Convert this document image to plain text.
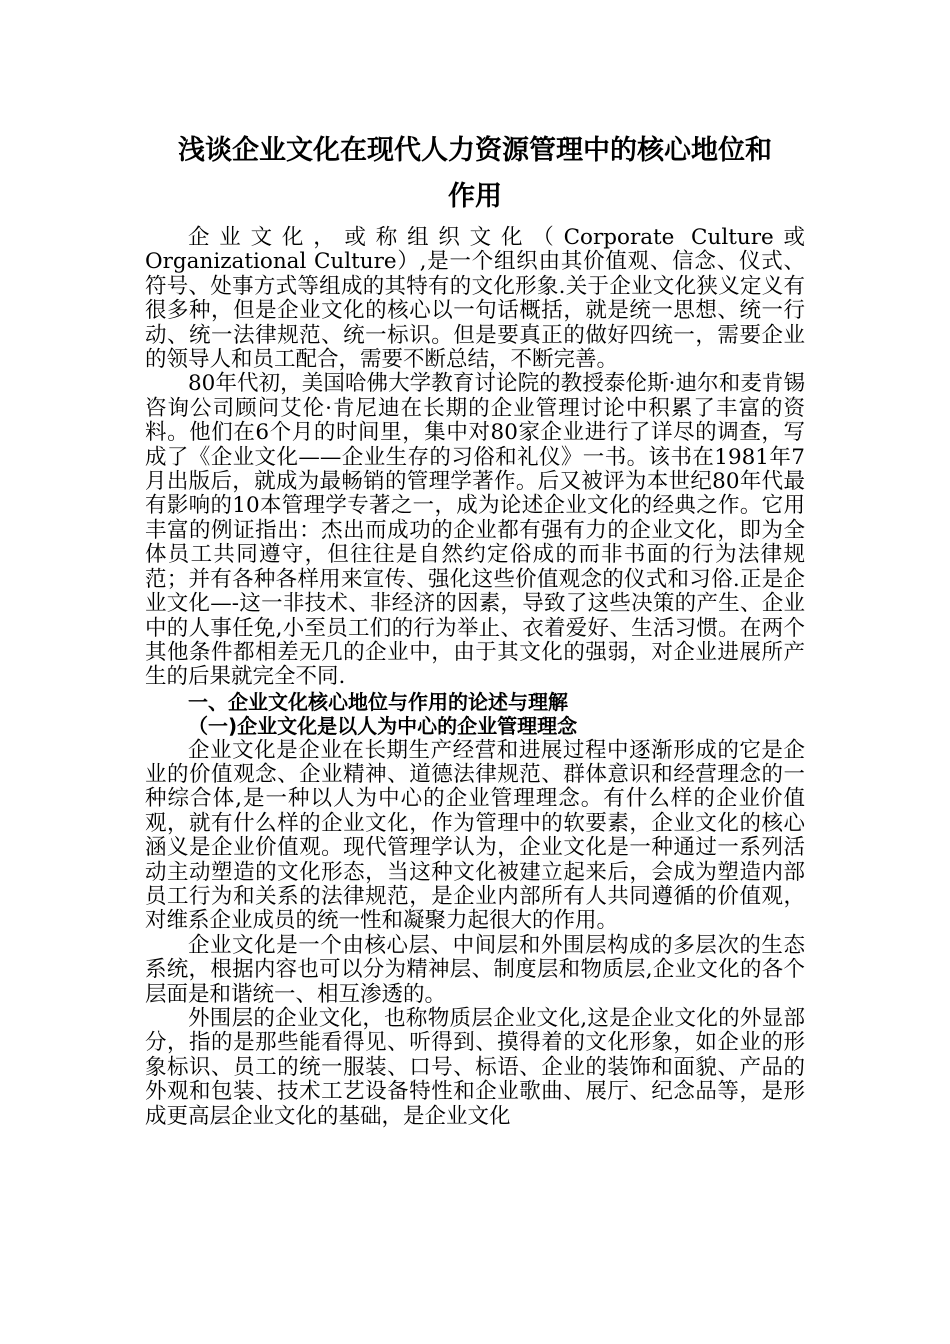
浅谈企业文化在现代人力资源管理中的核心地位和
作用

企业文化，或称组织文化（Corporate Culture或Organizational Culture）,是一个组织由其价值观、信念、仪式、符号、处事方式等组成的其特有的文化形象.关于企业文化狭义定义有很多种，但是企业文化的核心以一句话概括，就是统一思想、统一行动、统一法律规范、统一标识。但是要真正的做好四统一，需要企业的领导人和员工配合，需要不断总结，不断完善。

80年代初，美国哈佛大学教育讨论院的教授泰伦斯·迪尔和麦肯锡咨询公司顾问艾伦·肯尼迪在长期的企业管理讨论中积累了丰富的资料。他们在6个月的时间里，集中对80家企业进行了详尽的调查，写成了《企业文化——企业生存的习俗和礼仪》一书。该书在1981年7月出版后，就成为最畅销的管理学著作。后又被评为本世纪80年代最有影响的10本管理学专著之一，成为论述企业文化的经典之作。它用丰富的例证指出：杰出而成功的企业都有强有力的企业文化，即为全体员工共同遵守，但往往是自然约定俗成的而非书面的行为法律规范；并有各种各样用来宣传、强化这些价值观念的仪式和习俗.正是企业文化—-这一非技术、非经济的因素，导致了这些决策的产生、企业中的人事任免,小至员工们的行为举止、衣着爱好、生活习惯。在两个其他条件都相差无几的企业中，由于其文化的强弱，对企业进展所产生的后果就完全不同.

一、企业文化核心地位与作用的论述与理解
（一)企业文化是以人为中心的企业管理理念

企业文化是企业在长期生产经营和进展过程中逐渐形成的它是企业的价值观念、企业精神、道德法律规范、群体意识和经营理念的一种综合体,是一种以人为中心的企业管理理念。有什么样的企业价值观，就有什么样的企业文化，作为管理中的软要素，企业文化的核心涵义是企业价值观。现代管理学认为，企业文化是一种通过一系列活动主动塑造的文化形态，当这种文化被建立起来后，会成为塑造内部员工行为和关系的法律规范，是企业内部所有人共同遵循的价值观，对维系企业成员的统一性和凝聚力起很大的作用。

企业文化是一个由核心层、中间层和外围层构成的多层次的生态系统，根据内容也可以分为精神层、制度层和物质层,企业文化的各个层面是和谐统一、相互渗透的。

外围层的企业文化，也称物质层企业文化,这是企业文化的外显部分，指的是那些能看得见、听得到、摸得着的文化形象，如企业的形象标识、员工的统一服装、口号、标语、企业的装饰和面貌、产品的外观和包装、技术工艺设备特性和企业歌曲、展厅、纪念品等，是形成更高层企业文化的基础，是企业文化
